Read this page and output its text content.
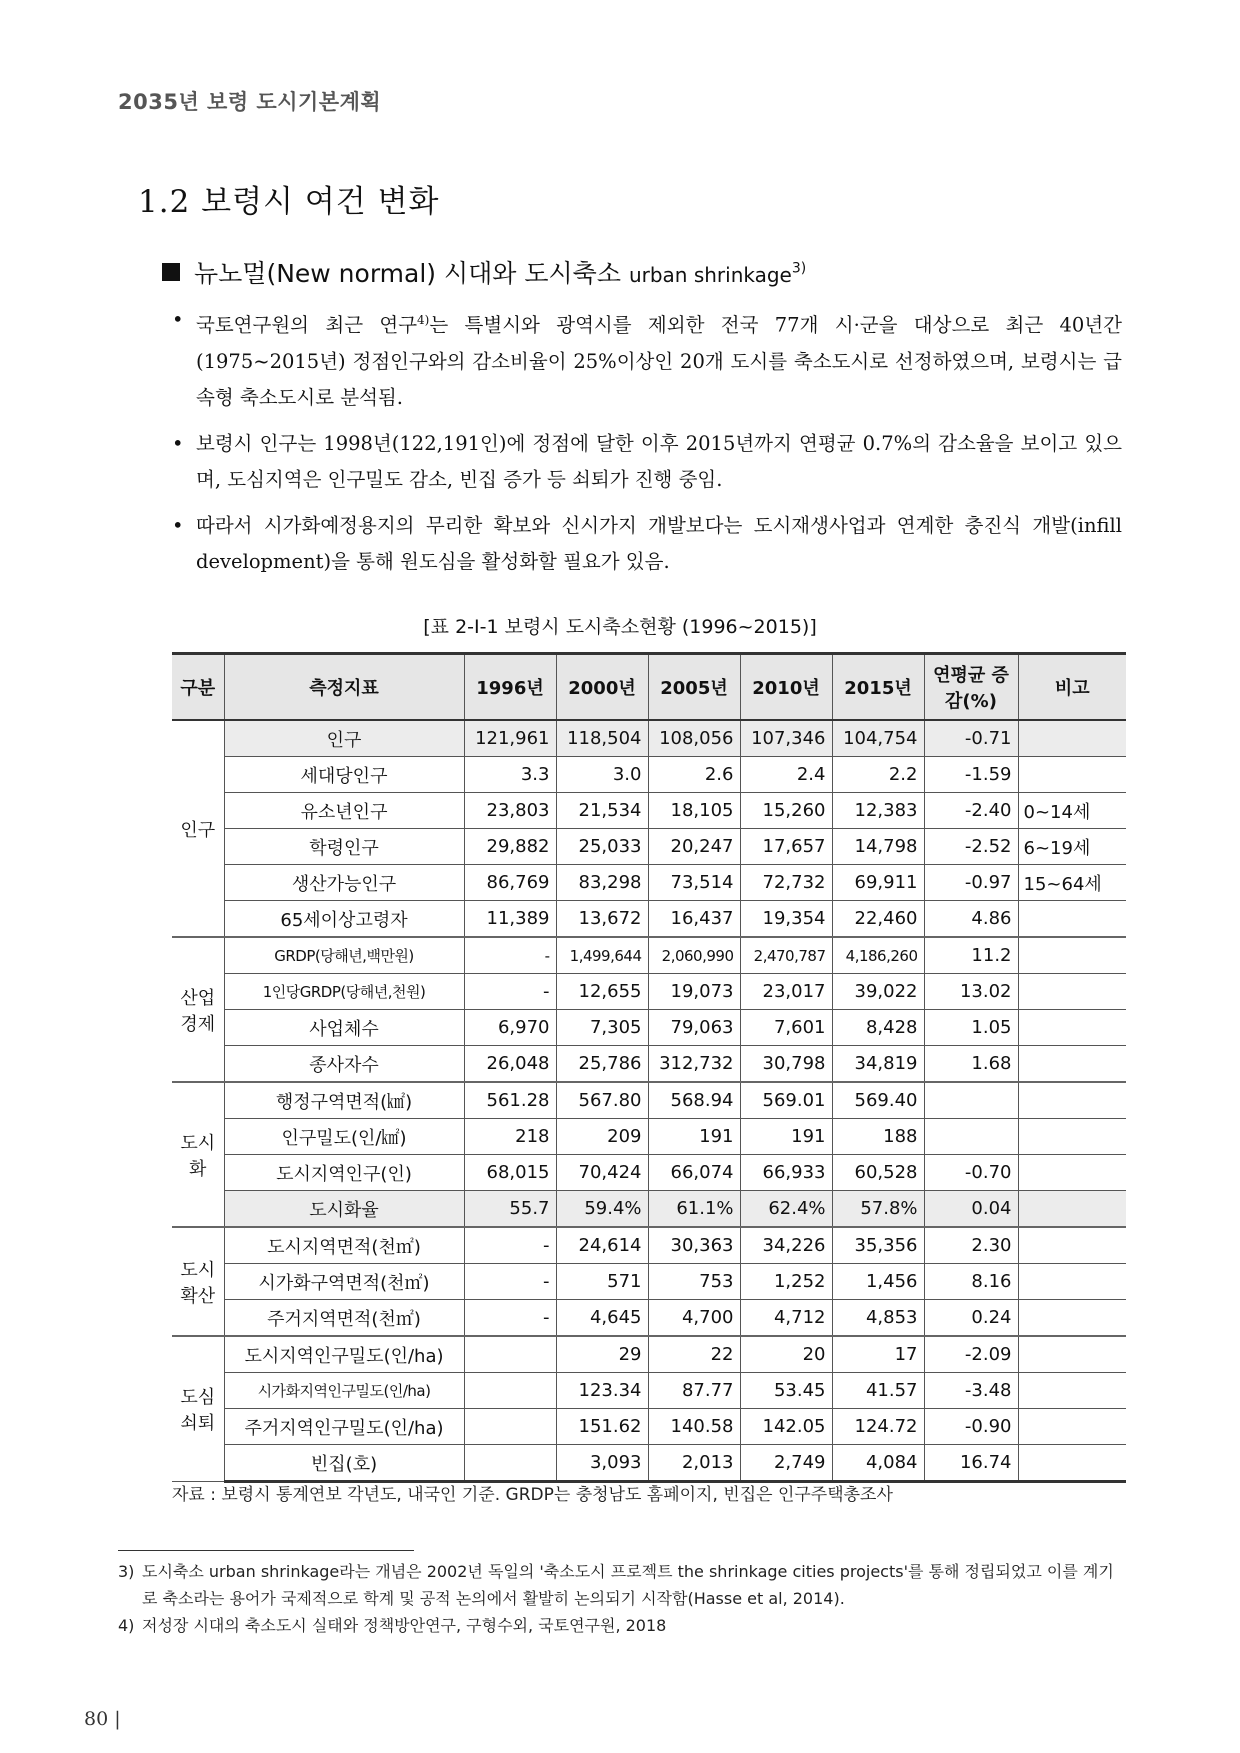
2035년 보령 도시기본계획
1.2 보령시 여건 변화
뉴노멀(New normal) 시대와 도시축소 urban shrinkage$^{3)}$
• 국토연구원의 최근 연구$^{4)}$는 특별시와 광역시를 제외한 전국 77개 시·군을 대상으로 최근 40년간(1975~2015년) 정점인구와의 감소비율이 25%이상인 20개 도시를 축소도시로 선정하였으며, 보령시는 급속형 축소도시로 분석됨.
• 보령시 인구는 1998년(122,191인)에 정점에 달한 이후 2015년까지 연평균 0.7%의 감소율을 보이고 있으며, 도심지역은 인구밀도 감소, 빈집 증가 등 쇠퇴가 진행 중임.
• 따라서 시가화예정용지의 무리한 확보와 신시가지 개발보다는 도시재생사업과 연계한 충진식 개발(infill development)을 통해 원도심을 활성화할 필요가 있음.
[표 2-Ⅰ-1 보령시 도시축소현황 (1996~2015)]
구분	측정지표	1996년	2000년	2005년	2010년	2015년	연평균 증감(%)	비고
인구	인구	121,961	118,504	108,056	107,346	104,754	-0.71	
	세대당인구	3.3	3.0	2.6	2.4	2.2	-1.59	
	유소년인구	23,803	21,534	18,105	15,260	12,383	-2.40	0~14세
	학령인구	29,882	25,033	20,247	17,657	14,798	-2.52	6~19세
	생산가능인구	86,769	83,298	73,514	72,732	69,911	-0.97	15~64세
	65세이상고령자	11,389	13,672	16,437	19,354	22,460	4.86	
산업 경제	GRDP(당해년,백만원)	-	1,499,644	2,060,990	2,470,787	4,186,260	11.2	
	1인당GRDP(당해년,천원)	-	12,655	19,073	23,017	39,022	13.02	
	사업체수	6,970	7,305	79,063	7,601	8,428	1.05	
	종사자수	26,048	25,786	312,732	30,798	34,819	1.68	
도시화	행정구역면적(㎢)	561.28	567.80	568.94	569.01	569.40		
	인구밀도(인/㎢)	218	209	191	191	188		
	도시지역인구(인)	68,015	70,424	66,074	66,933	60,528	-0.70	
	도시화율	55.7	59.4%	61.1%	62.4%	57.8%	0.04	
도시 확산	도시지역면적(천㎡)	-	24,614	30,363	34,226	35,356	2.30	
	시가화구역면적(천㎡)	-	571	753	1,252	1,456	8.16	
	주거지역면적(천㎡)	-	4,645	4,700	4,712	4,853	0.24	
도심 쇠퇴	도시지역인구밀도(인/ha)		29	22	20	17	-2.09	
	시가화지역인구밀도(인/ha)		123.34	87.77	53.45	41.57	-3.48	
	주거지역인구밀도(인/ha)		151.62	140.58	142.05	124.72	-0.90	
	빈집(호)		3,093	2,013	2,749	4,084	16.74	
자료 : 보령시 통계연보 각년도, 내국인 기준. GRDP는 충청남도 홈페이지, 빈집은 인구주택총조사
3) 도시축소 urban shrinkage라는 개념은 2002년 독일의 '축소도시 프로젝트 the shrinkage cities projects'를 통해 정립되었고 이를 계기로 축소라는 용어가 국제적으로 학계 및 공적 논의에서 활발히 논의되기 시작함(Hasse et al, 2014).
4) 저성장 시대의 축소도시 실태와 정책방안연구, 구형수외, 국토연구원, 2018
80 |
